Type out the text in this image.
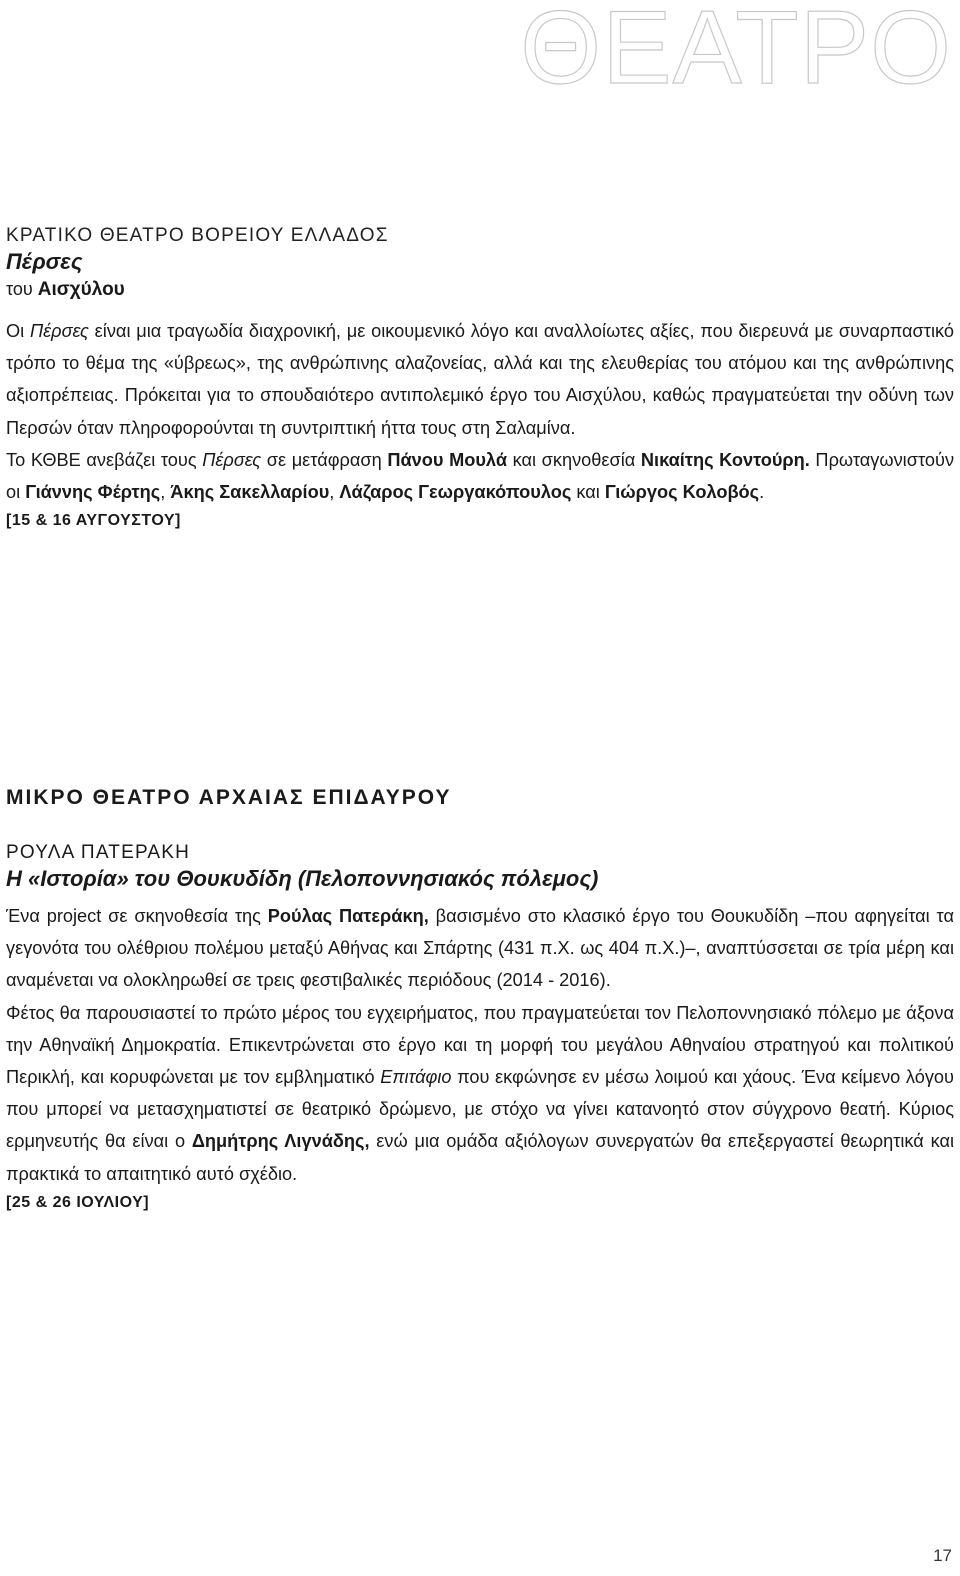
ΘΕΑΤΡΟ
ΚΡΑΤΙΚΟ ΘΕΑΤΡΟ ΒΟΡΕΙΟΥ ΕΛΛΑΔΟΣ
Πέρσες
του Αισχύλου

Οι Πέρσες είναι μια τραγωδία διαχρονική, με οικουμενικό λόγο και αναλλοίωτες αξίες, που διερευνά με συναρπαστικό τρόπο το θέμα της «ύβρεως», της ανθρώπινης αλαζονείας, αλλά και της ελευθερίας του ατόμου και της ανθρώπινης αξιοπρέπειας. Πρόκειται για το σπουδαιότερο αντιπολεμικό έργο του Αισχύλου, καθώς πραγματεύεται την οδύνη των Περσών όταν πληροφορούνται τη συντριπτική ήττα τους στη Σαλαμίνα.

Το ΚΘΒΕ ανεβάζει τους Πέρσες σε μετάφραση Πάνου Μουλά και σκηνοθεσία Νικαίτης Κοντούρη. Πρωταγωνιστούν οι Γιάννης Φέρτης, Άκης Σακελλαρίου, Λάζαρος Γεωργακόπουλος και Γιώργος Κολοβός.

[15 & 16 ΑΥΓΟΥΣΤΟΥ]
ΜΙΚΡΟ ΘΕΑΤΡΟ ΑΡΧΑΙΑΣ ΕΠΙΔΑΥΡΟΥ
ΡΟΥΛΑ ΠΑΤΕΡΑΚΗ
Η «Ιστορία» του Θουκυδίδη (Πελοποννησιακός πόλεμος)

Ένα project σε σκηνοθεσία της Ρούλας Πατεράκη, βασισμένο στο κλασικό έργο του Θουκυδίδη –που αφηγείται τα γεγονότα του ολέθριου πολέμου μεταξύ Αθήνας και Σπάρτης (431 π.Χ. ως 404 π.Χ.)–, αναπτύσσεται σε τρία μέρη και αναμένεται να ολοκληρωθεί σε τρεις φεστιβαλικές περιόδους (2014 - 2016).

Φέτος θα παρουσιαστεί το πρώτο μέρος του εγχειρήματος, που πραγματεύεται τον Πελοποννησιακό πόλεμο με άξονα την Αθηναϊκή Δημοκρατία. Επικεντρώνεται στο έργο και τη μορφή του μεγάλου Αθηναίου στρατηγού και πολιτικού Περικλή, και κορυφώνεται με τον εμβληματικό Επιτάφιο που εκφώνησε εν μέσω λοιμού και χάους. Ένα κείμενο λόγου που μπορεί να μετασχηματιστεί σε θεατρικό δρώμενο, με στόχο να γίνει κατανοητό στον σύγχρονο θεατή. Κύριος ερμηνευτής θα είναι ο Δημήτρης Λιγνάδης, ενώ μια ομάδα αξιόλογων συνεργατών θα επεξεργαστεί θεωρητικά και πρακτικά το απαιτητικό αυτό σχέδιο.

[25 & 26 ΙΟΥΛΙΟΥ]
17
